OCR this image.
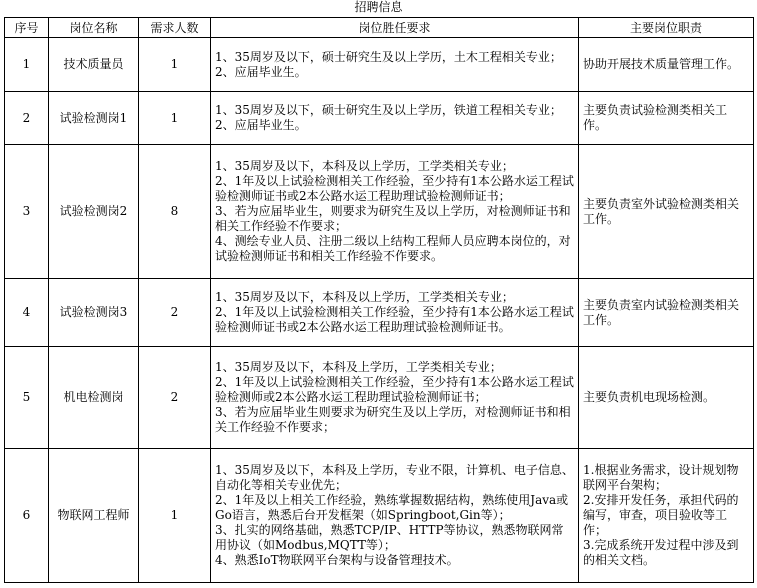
招聘信息
序号	岗位名称	需求人数	岗位胜任要求	主要岗位职责
1	技术质量员	1	1、35周岁及以下，硕士研究生及以上学历，土木工程相关专业；
2、应届毕业生。	协助开展技术质量管理工作。

2	试验检测岗1	1	1、35周岁及以下，硕士研究生及以上学历，铁道工程相关专业；
2、应届毕业生。	主要负责试验检测类相关工作。

3	试验检测岗2	8	1、35周岁及以下，本科及以上学历，工学类相关专业；
2、1年及以上试验检测相关工作经验，至少持有1本公路水运工程试验检测师证书或2本公路水运工程助理试验检测师证书；
3、若为应届毕业生，则要求为研究生及以上学历，对检测师证书和相关工作经验不作要求；
4、测绘专业人员、注册二级以上结构工程师人员应聘本岗位的，对试验检测师证书和相关工作经验不作要求。	主要负责室外试验检测类相关工作。

4	试验检测岗3	2	1、35周岁及以下，本科及以上学历，工学类相关专业；
2、1年及以上试验检测相关工作经验，至少持有1本公路水运工程试验检测师证书或2本公路水运工程助理试验检测师证书。	主要负责室内试验检测类相关工作。

5	机电检测岗	2	1、35周岁及以下，本科及上学历，工学类相关专业；
2、1年及以上试验检测相关工作经验，至少持有1本公路水运工程试验检测师或2本公路水运工程助理试验检测师证书；
3、若为应届毕业生则要求为研究生及以上学历，对检测师证书和相关工作经验不作要求；	主要负责机电现场检测。

6	物联网工程师	1	1、35周岁及以下，本科及上学历，专业不限，计算机、电子信息、自动化等相关专业优先；
2、1年及以上相关工作经验，熟练掌握数据结构，熟练使用Java或Go语言，熟悉后台开发框架（如Springboot,Gin等）；
3、扎实的网络基础，熟悉TCP/IP、HTTP等协议，熟悉物联网常用协议（如Modbus,MQTT等）；
4、熟悉IoT物联网平台架构与设备管理技术。	1.根据业务需求，设计规划物联网平台架构；
2.安排开发任务，承担代码的编写，审查，项目验收等工作；
3.完成系统开发过程中涉及到的相关文档。
